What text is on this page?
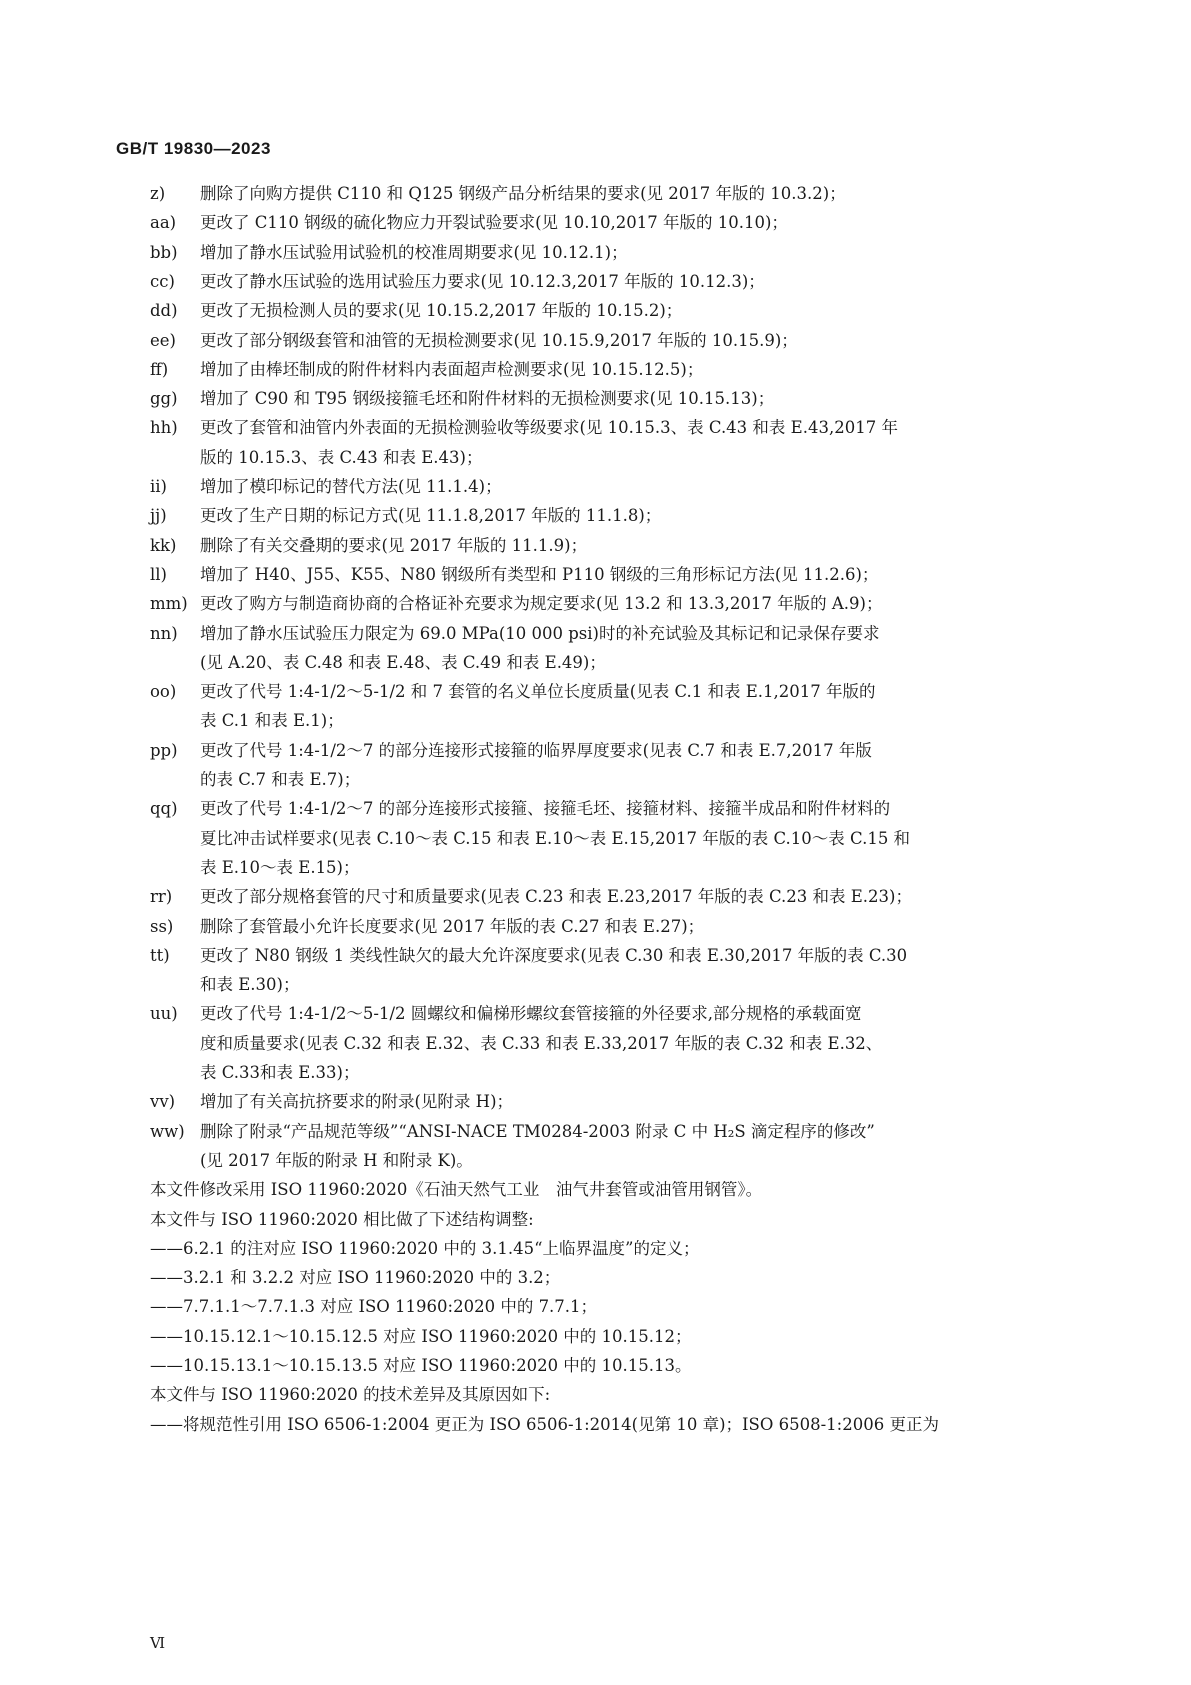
GB/T 19830—2023
z) 删除了向购方提供 C110 和 Q125 钢级产品分析结果的要求(见 2017 年版的 10.3.2)；
aa) 更改了 C110 钢级的硫化物应力开裂试验要求(见 10.10,2017 年版的 10.10)；
bb) 增加了静水压试验用试验机的校准周期要求(见 10.12.1)；
cc) 更改了静水压试验的选用试验压力要求(见 10.12.3,2017 年版的 10.12.3)；
dd) 更改了无损检测人员的要求(见 10.15.2,2017 年版的 10.15.2)；
ee) 更改了部分钢级套管和油管的无损检测要求(见 10.15.9,2017 年版的 10.15.9)；
ff) 增加了由棒坯制成的附件材料内表面超声检测要求(见 10.15.12.5)；
gg) 增加了 C90 和 T95 钢级接箍毛坯和附件材料的无损检测要求(见 10.15.13)；
hh) 更改了套管和油管内外表面的无损检测验收等级要求(见 10.15.3、表 C.43 和表 E.43,2017 年
版的 10.15.3、表 C.43 和表 E.43)；
ii) 增加了模印标记的替代方法(见 11.1.4)；
jj) 更改了生产日期的标记方式(见 11.1.8,2017 年版的 11.1.8)；
kk) 删除了有关交叠期的要求(见 2017 年版的 11.1.9)；
ll) 增加了 H40、J55、K55、N80 钢级所有类型和 P110 钢级的三角形标记方法(见 11.2.6)；
mm) 更改了购方与制造商协商的合格证补充要求为规定要求(见 13.2 和 13.3,2017 年版的 A.9)；
nn) 增加了静水压试验压力限定为 69.0 MPa(10 000 psi)时的补充试验及其标记和记录保存要求
(见 A.20、表 C.48 和表 E.48、表 C.49 和表 E.49)；
oo) 更改了代号 1:4-1/2～5-1/2 和 7 套管的名义单位长度质量(见表 C.1 和表 E.1,2017 年版的
表 C.1 和表 E.1)；
pp) 更改了代号 1:4-1/2～7 的部分连接形式接箍的临界厚度要求(见表 C.7 和表 E.7,2017 年版
的表 C.7 和表 E.7)；
qq) 更改了代号 1:4-1/2～7 的部分连接形式接箍、接箍毛坯、接箍材料、接箍半成品和附件材料的
夏比冲击试样要求(见表 C.10～表 C.15 和表 E.10～表 E.15,2017 年版的表 C.10～表 C.15 和
表 E.10～表 E.15)；
rr) 更改了部分规格套管的尺寸和质量要求(见表 C.23 和表 E.23,2017 年版的表 C.23 和表 E.23)；
ss) 删除了套管最小允许长度要求(见 2017 年版的表 C.27 和表 E.27)；
tt) 更改了 N80 钢级 1 类线性缺欠的最大允许深度要求(见表 C.30 和表 E.30,2017 年版的表 C.30
和表 E.30)；
uu) 更改了代号 1:4-1/2～5-1/2 圆螺纹和偏梯形螺纹套管接箍的外径要求,部分规格的承载面宽
度和质量要求(见表 C.32 和表 E.32、表 C.33 和表 E.33,2017 年版的表 C.32 和表 E.32、
表 C.33和表 E.33)；
vv) 增加了有关高抗挤要求的附录(见附录 H)；
ww) 删除了附录“产品规范等级”“ANSI-NACE TM0284-2003 附录 C 中 H₂S 滴定程序的修改”
(见 2017 年版的附录 H 和附录 K)。
本文件修改采用 ISO 11960:2020《石油天然气工业　油气井套管或油管用钢管》。
本文件与 ISO 11960:2020 相比做了下述结构调整:
——6.2.1 的注对应 ISO 11960:2020 中的 3.1.45“上临界温度”的定义；
——3.2.1 和 3.2.2 对应 ISO 11960:2020 中的 3.2；
——7.7.1.1～7.7.1.3 对应 ISO 11960:2020 中的 7.7.1；
——10.15.12.1～10.15.12.5 对应 ISO 11960:2020 中的 10.15.12；
——10.15.13.1～10.15.13.5 对应 ISO 11960:2020 中的 10.15.13。
本文件与 ISO 11960:2020 的技术差异及其原因如下:
——将规范性引用 ISO 6506-1:2004 更正为 ISO 6506-1:2014(见第 10 章)；ISO 6508-1:2006 更正为
Ⅵ
